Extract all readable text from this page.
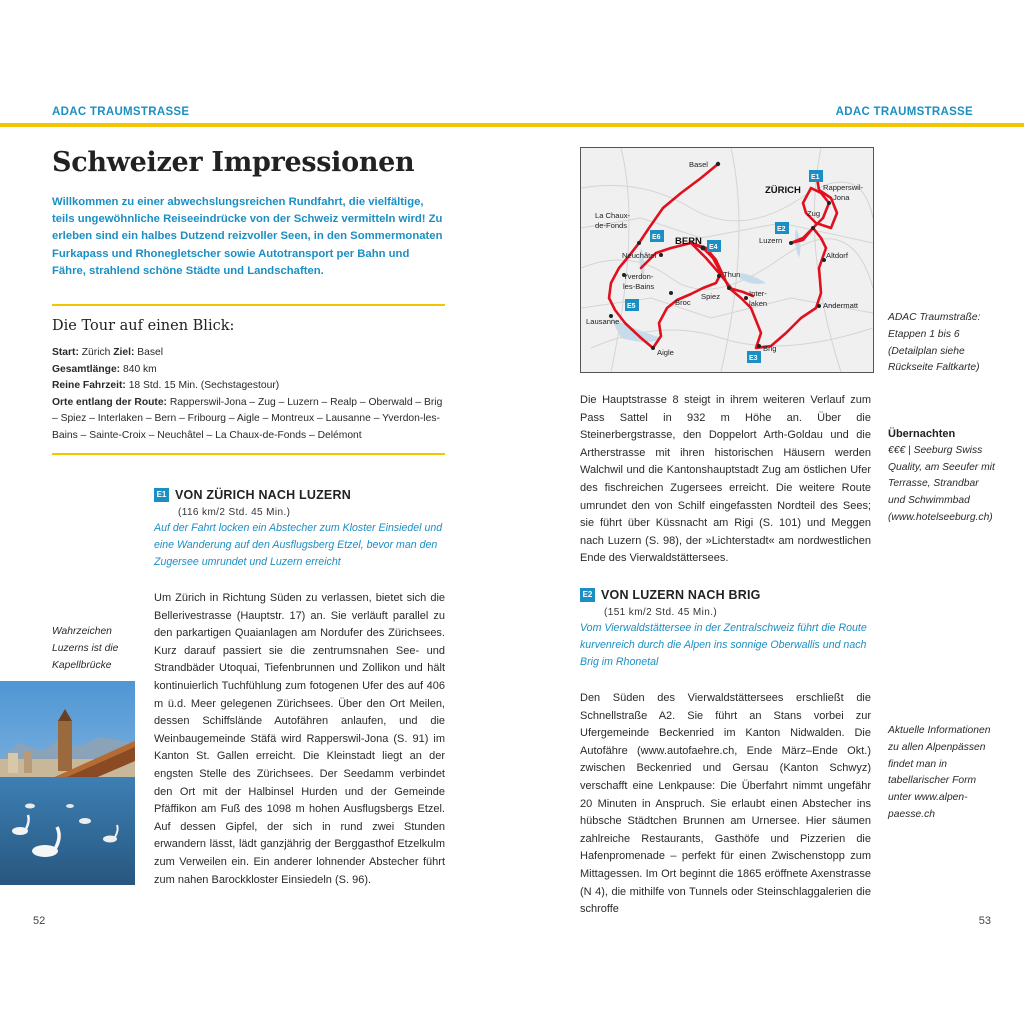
ADAC TRAUMSTRASSE	ADAC TRAUMSTRASSE
Schweizer Impressionen
Willkommen zu einer abwechslungsreichen Rundfahrt, die vielfältige, teils ungewöhnliche Reiseeindrücke von der Schweiz vermitteln wird! Zu erleben sind ein halbes Dutzend reizvoller Seen, in den Sommermonaten Furkapass und Rhonegletscher sowie Autotransport per Bahn und Fähre, strahlend schöne Städte und Landschaften.
Die Tour auf einen Blick:
Start: Zürich Ziel: Basel
Gesamtlänge: 840 km
Reine Fahrzeit: 18 Std. 15 Min. (Sechstagestour)
Orte entlang der Route: Rapperswil-Jona – Zug – Luzern – Realp – Oberwald – Brig – Spiez – Interlaken – Bern – Fribourg – Aigle – Montreux – Lausanne – Yverdon-les-Bains – Sainte-Croix – Neuchâtel – La Chaux-de-Fonds – Delémont
E1 VON ZÜRICH NACH LUZERN
(116 km/2 Std. 45 Min.)
Auf der Fahrt locken ein Abstecher zum Kloster Einsiedel und eine Wanderung auf den Ausflugsberg Etzel, bevor man den Zugersee umrundet und Luzern erreicht
Um Zürich in Richtung Süden zu verlassen, bietet sich die Bellerivestrasse (Hauptstr. 17) an. Sie verläuft parallel zu den parkartigen Quaianlagen am Nordufer des Zürichsees. Kurz darauf passiert sie die zentrumsnahen See- und Strandbäder Utoquai, Tiefenbrunnen und Zollikon und hält kontinuierlich Tuchfühlung zum fotogenen Ufer des auf 406 m ü.d. Meer gelegenen Zürichsees. Über den Ort Meilen, dessen Schiffslände Autofähren anlaufen, und die Weinbaugemeinde Stäfä wird Rapperswil-Jona (S. 91) im Kanton St. Gallen erreicht. Die Kleinstadt liegt an der engsten Stelle des Zürichsees. Der Seedamm verbindet den Ort mit der Halbinsel Hurden und der Gemeinde Pfäffikon am Fuß des 1098 m hohen Ausflugsbergs Etzel. Auf dessen Gipfel, der sich in rund zwei Stunden erwandern lässt, lädt ganzjährig der Berggasthof Etzelkulm zum Verweilen ein. Ein anderer lohnender Abstecher führt zum nahen Barockkloster Einsiedeln (S. 96).
Wahrzeichen Luzerns ist die Kapellbrücke
52
Basel
ZÜRICH	Rapperswil-
Jona
La Chaux-
de-Fonds
BERN
Neuchâtel
Zug
Luzern
Altdorf
Thun
Yverdon-
les-Bains
Broc
Spiez	Inter-
laken	Andermatt
Lausanne
Aigle	Brig
E1
E2
E3
E4
E5
E6
ADAC Traumstraße: Etappen 1 bis 6 (Detailplan siehe Rückseite Faltkarte)
Die Hauptstrasse 8 steigt in ihrem weiteren Verlauf zum Pass Sattel in 932 m Höhe an. Über die Steinerbergstrasse, den Doppelort Arth-Goldau und die Artherstrasse mit ihren historischen Häusern werden Walchwil und die Kantonshauptstadt Zug am östlichen Ufer des fischreichen Zugersees erreicht. Die weitere Route umrundet den von Schilf eingefassten Nordteil des Sees; sie führt über Küssnacht am Rigi (S. 101) und Meggen nach Luzern (S. 98), der »Lichterstadt« am nordwestlichen Ende des Vierwaldstättersees.
Übernachten
€€€ | Seeburg Swiss Quality, am Seeufer mit Terrasse, Strandbar und Schwimmbad (www.hotelseeburg.ch)
E2 VON LUZERN NACH BRIG
(151 km/2 Std. 45 Min.)
Vom Vierwaldstättersee in der Zentralschweiz führt die Route kurvenreich durch die Alpen ins sonnige Oberwallis und nach Brig im Rhonetal
Den Süden des Vierwaldstättersees erschließt die Schnellstraße A2. Sie führt an Stans vorbei zur Ufergemeinde Beckenried im Kanton Nidwalden. Die Autofähre (www.autofaehre.ch, Ende März–Ende Okt.) zwischen Beckenried und Gersau (Kanton Schwyz) verschafft eine Lenkpause: Die Überfahrt nimmt ungefähr 20 Minuten in Anspruch. Sie erlaubt einen Abstecher ins hübsche Städtchen Brunnen am Urnersee. Hier säumen zahlreiche Restaurants, Gasthöfe und Pizzerien die Hafenpromenade – perfekt für einen Zwischenstopp zum Mittagessen. Im Ort beginnt die 1865 eröffnete Axenstrasse (N 4), die mithilfe von Tunnels oder Steinschlaggalerien die schroffe
Aktuelle Informationen zu allen Alpenpässen findet man in tabellarischer Form unter www.alpen-paesse.ch
53
